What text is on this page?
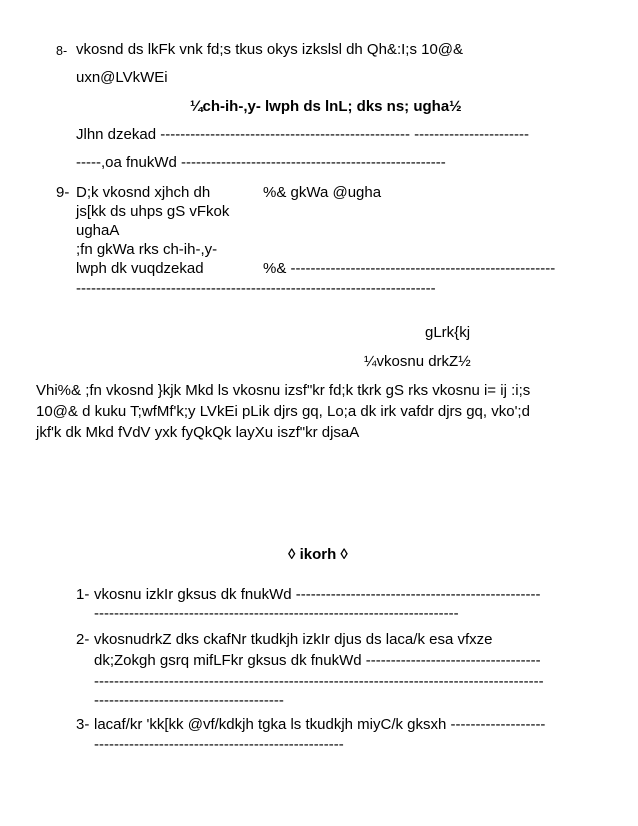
8- vkosnd ds lkFk vnk fd;s tkus okys izkslsl dh Qh&:I;s 10@&
uxn@LVkWEi
¼ch-ih-,y- lwph ds lnL; dks ns; ugha½
Jlhn dzekad -------------------------------------------------- -----------------------
-----,oa fnukWd -----------------------------------------------------
9- D;k vkosnd xjhch dh
js[kk ds uhps gS vFkok
ughaA
;fn gkWa rks ch-ih-,y-
lwph dk vuqdzekad
%& gkWa @ugha
%& -----------------------------------------------------
------------------------------------------------------------------------
gLrk{kj
¼vkosnu drkZ½
Vhi%& ;fn vkosnd }kjk Mkd ls vkosnu izsf"kr fd;k tkrk gS rks vkosnu i= ij :i;s
10@& d kuku T;wfMf'k;y LVkEi pLik djrs gq, Lo;a dk irk vafdr djrs gq, vko';d
jkf'k dk Mkd fVdV yxk fyQkQk layXu iszf"kr djsaA
◊ ikorh ◊
1- vkosnu izkIr gksus dk fnukWd -------------------------------------------------
-------------------------------------------------------------------------
2- vkosnudrkZ dks ckafNr tkudkjh izkIr djus ds laca/k esa vfxze
dk;Zokgh gsrq mifLFkr gksus dk fnukWd -----------------------------------
------------------------------------------------------------------------------------------
--------------------------------------
3- lacaf/kr 'kk[kk @vf/kdkjh tgka ls tkudkjh miyC/k gksxh -------------------
--------------------------------------------------
